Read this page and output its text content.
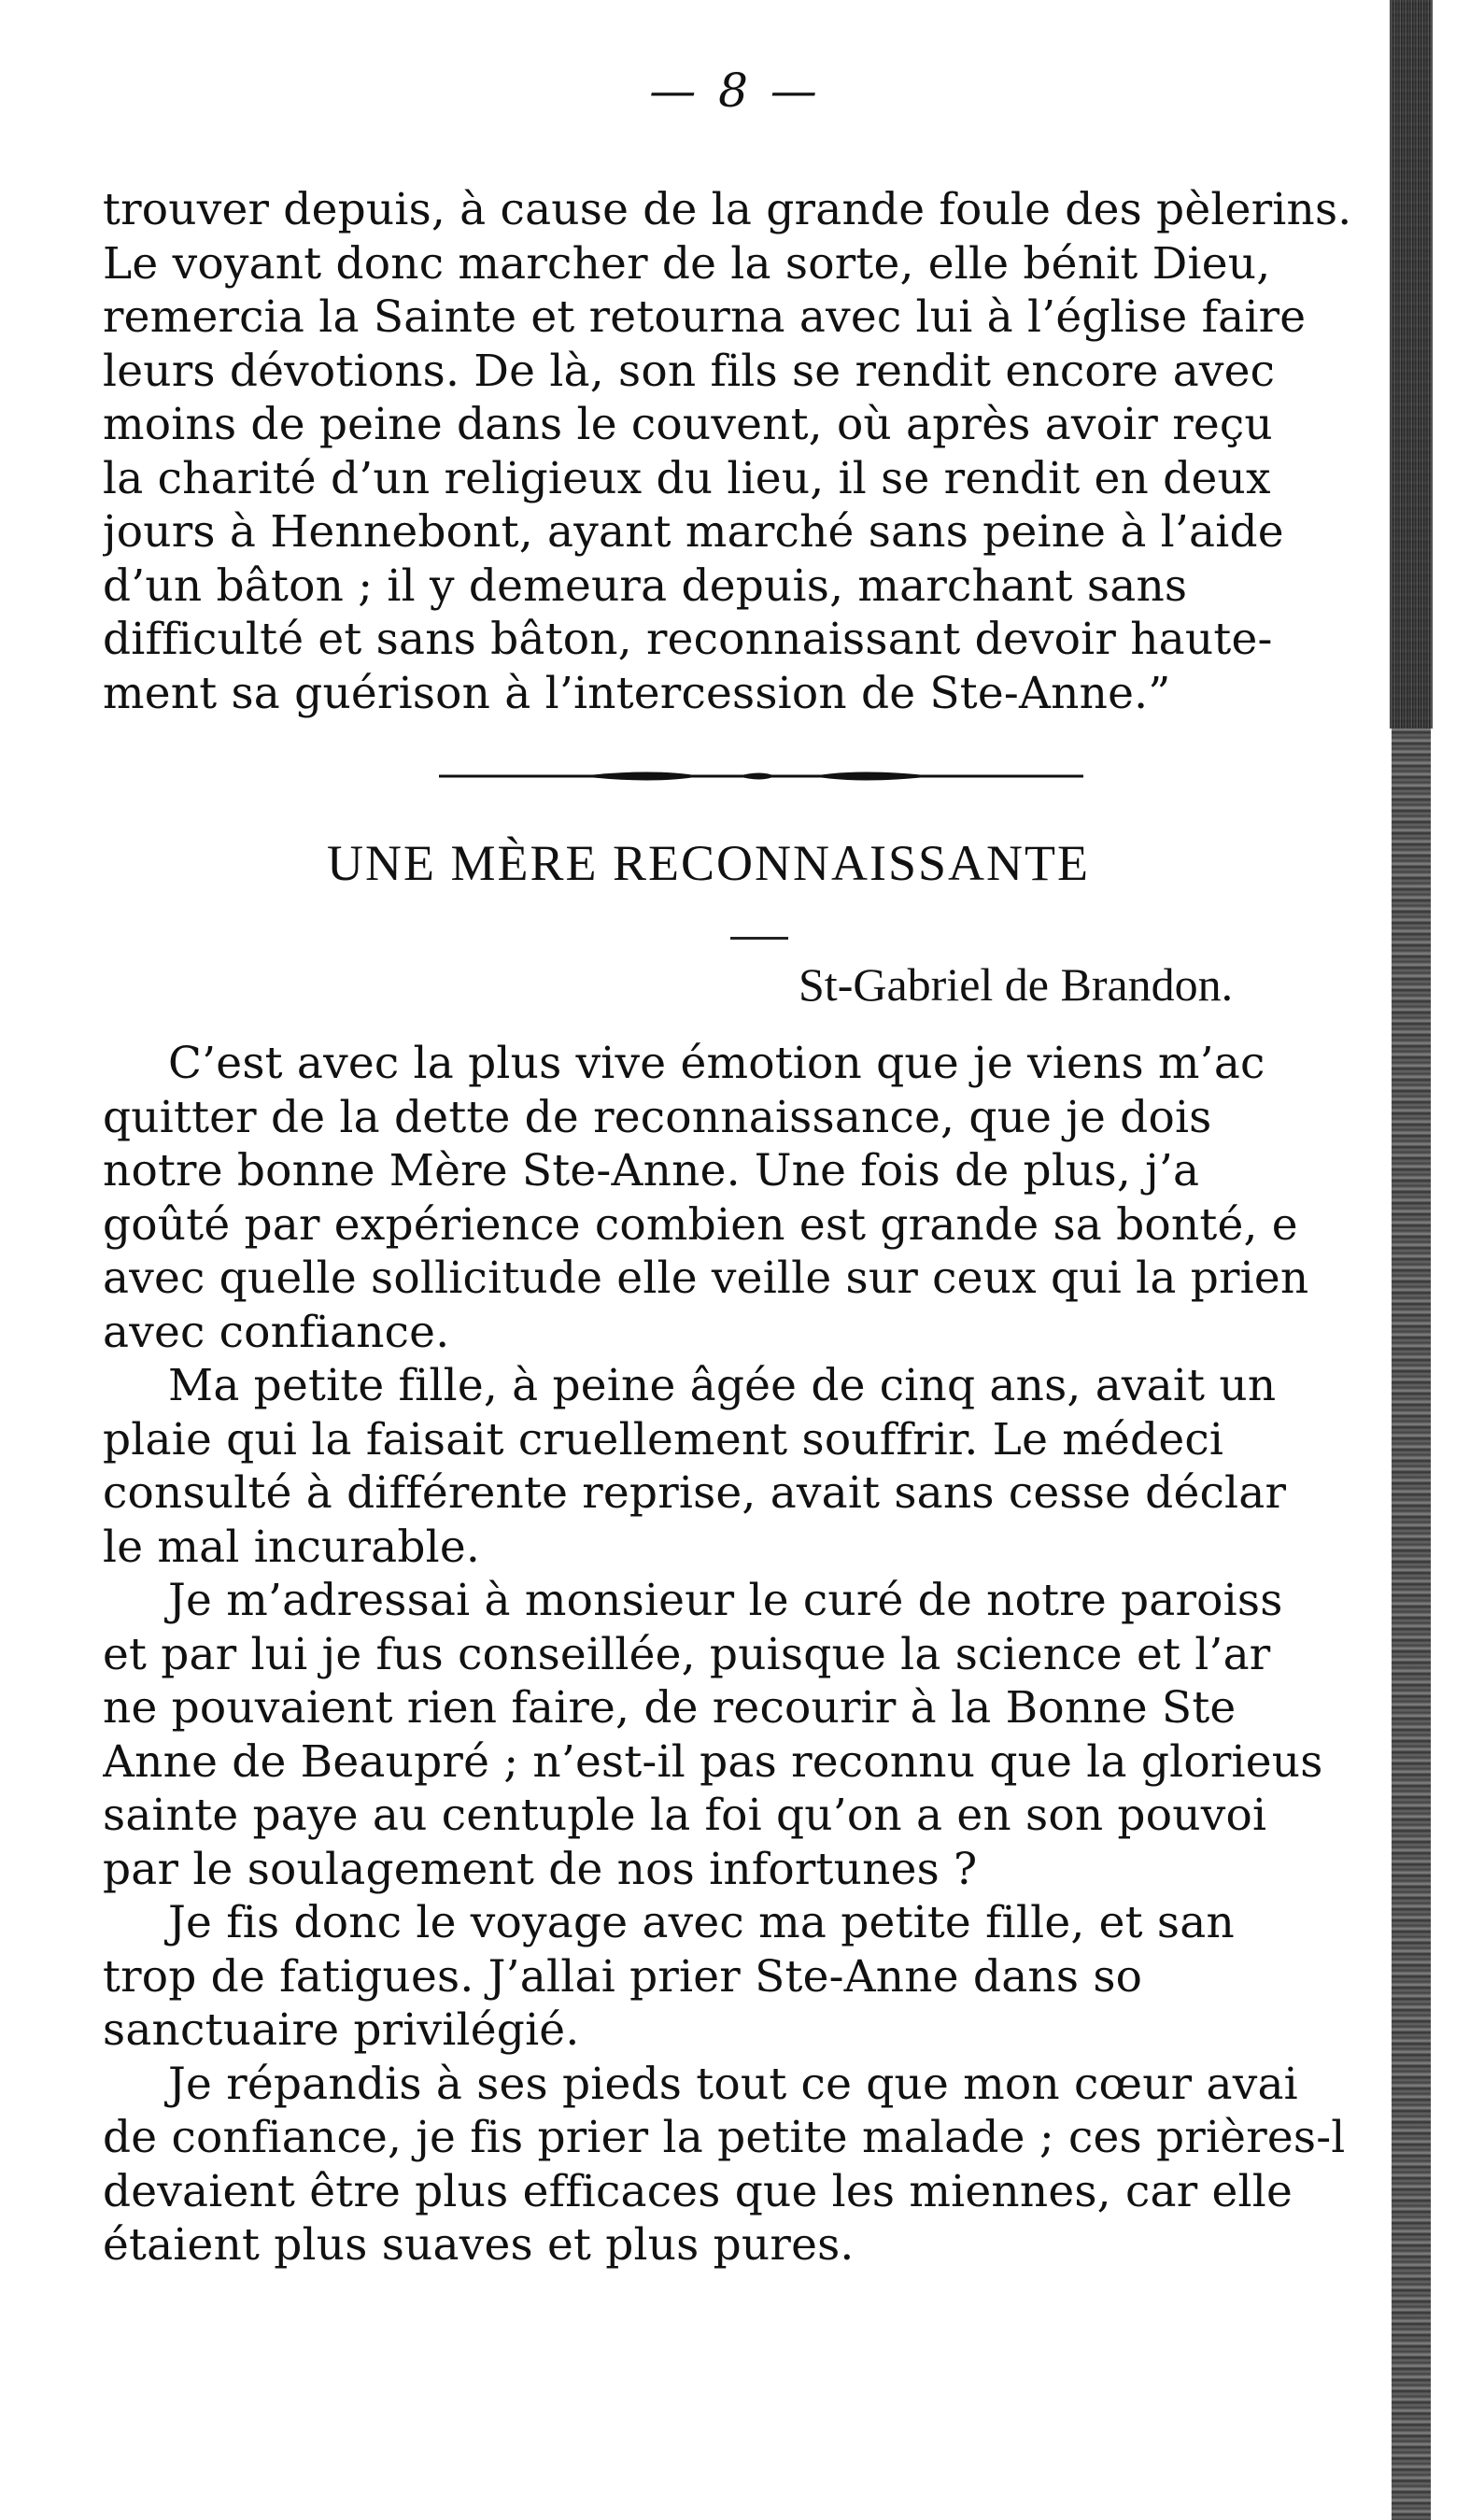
— 8 —
trouver depuis, à cause de la grande foule des pèlerins.
Le voyant donc marcher de la sorte, elle bénit Dieu,
remercia la Sainte et retourna avec lui à l’église faire
leurs dévotions. De là, son fils se rendit encore avec
moins de peine dans le couvent, où après avoir reçu
la charité d’un religieux du lieu, il se rendit en deux
jours à Hennebont, ayant marché sans peine à l’aide
d’un bâton ; il y demeura depuis, marchant sans
difficulté et sans bâton, reconnaissant devoir haute-
ment sa guérison à l’intercession de Ste-Anne.”
UNE MÈRE RECONNAISSANTE
St-Gabriel de Brandon.
C’est avec la plus vive émotion que je viens m’ac
quitter de la dette de reconnaissance, que je dois
notre bonne Mère Ste-Anne. Une fois de plus, j’a
goûté par expérience combien est grande sa bonté, e
avec quelle sollicitude elle veille sur ceux qui la prien
avec confiance.
Ma petite fille, à peine âgée de cinq ans, avait un
plaie qui la faisait cruellement souffrir. Le médeci
consulté à différente reprise, avait sans cesse déclar
le mal incurable.
Je m’adressai à monsieur le curé de notre paroiss
et par lui je fus conseillée, puisque la science et l’ar
ne pouvaient rien faire, de recourir à la Bonne Ste
Anne de Beaupré ; n’est-il pas reconnu que la glorieus
sainte paye au centuple la foi qu’on a en son pouvoi
par le soulagement de nos infortunes ?
Je fis donc le voyage avec ma petite fille, et san
trop de fatigues. J’allai prier Ste-Anne dans so
sanctuaire privilégié.
Je répandis à ses pieds tout ce que mon cœur avai
de confiance, je fis prier la petite malade ; ces prières-l
devaient être plus efficaces que les miennes, car elle
étaient plus suaves et plus pures.
